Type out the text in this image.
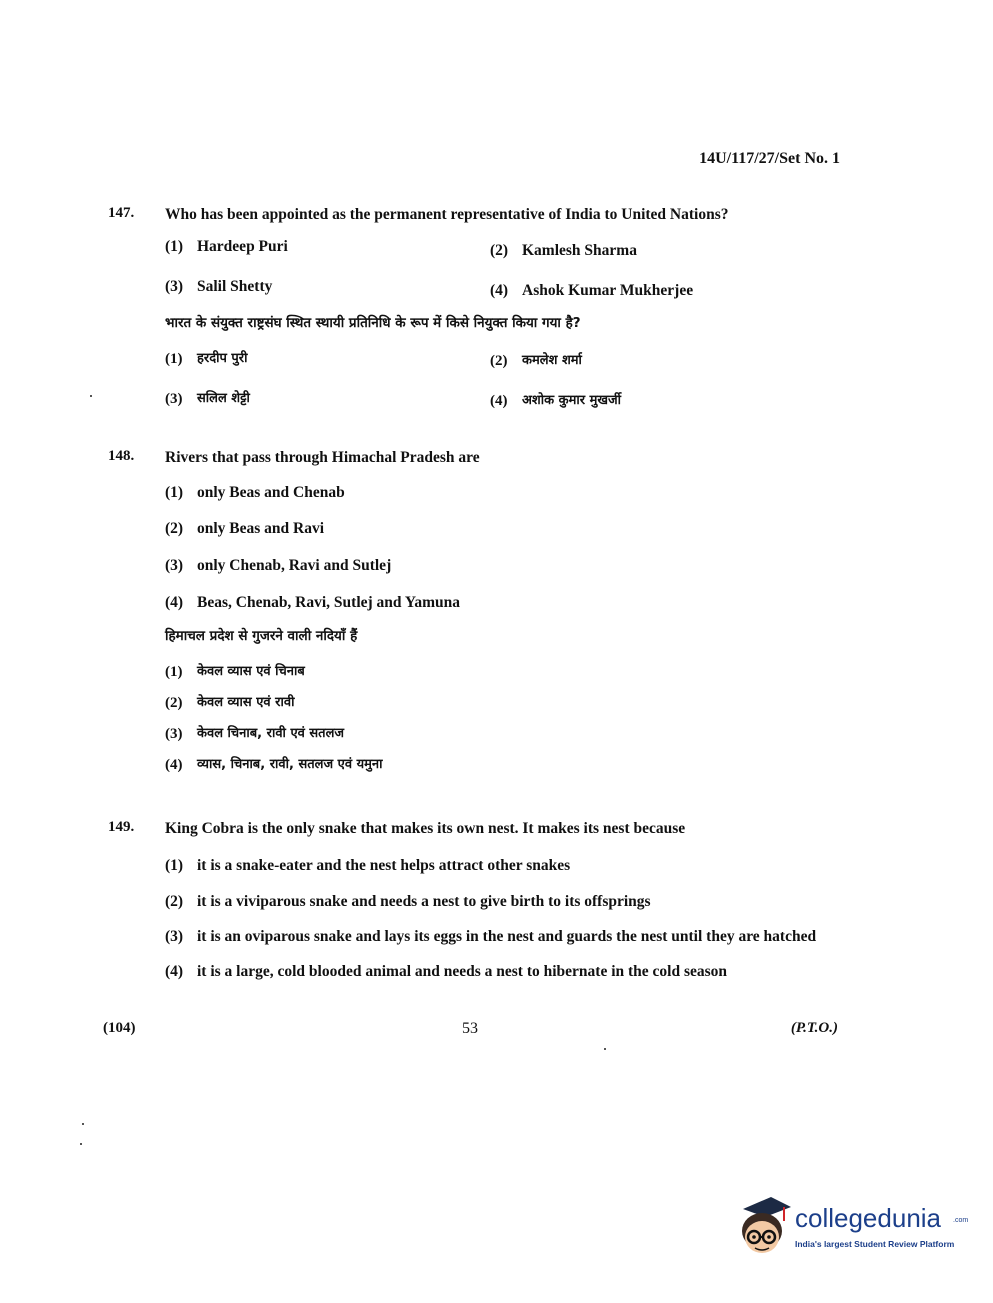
14U/117/27/Set No. 1
147.	Who has been appointed as the permanent representative of India to United Nations?
(1) Hardeep Puri	(2) Kamlesh Sharma
(3) Salil Shetty	(4) Ashok Kumar Mukherjee
भारत के संयुक्त राष्ट्रसंघ स्थित स्थायी प्रतिनिधि के रूप में किसे नियुक्त किया गया है?
(1)	हरदीप पुरी	(2)	कमलेश शर्मा
(3)	सलिल शेट्टी	(4)	अशोक कुमार मुखर्जी
148.	Rivers that pass through Himachal Pradesh are
(1) only Beas and Chenab
(2) only Beas and Ravi
(3) only Chenab, Ravi and Sutlej
(4) Beas, Chenab, Ravi, Sutlej and Yamuna
हिमाचल प्रदेश से गुजरने वाली नदियाँ हैं
(1)	केवल व्यास एवं चिनाब
(2)	केवल व्यास एवं रावी
(3)	केवल चिनाब, रावी एवं सतलज
(4)	व्यास, चिनाब, रावी, सतलज एवं यमुना
149.	King Cobra is the only snake that makes its own nest. It makes its nest because
(1) it is a snake-eater and the nest helps attract other snakes
(2) it is a viviparous snake and needs a nest to give birth to its offsprings
(3) it is an oviparous snake and lays its eggs in the nest and guards the nest until they are hatched
(4) it is a large, cold blooded animal and needs a nest to hibernate in the cold season
(104)	53	(P.T.O.)
collegedunia .com
India's largest Student Review Platform
